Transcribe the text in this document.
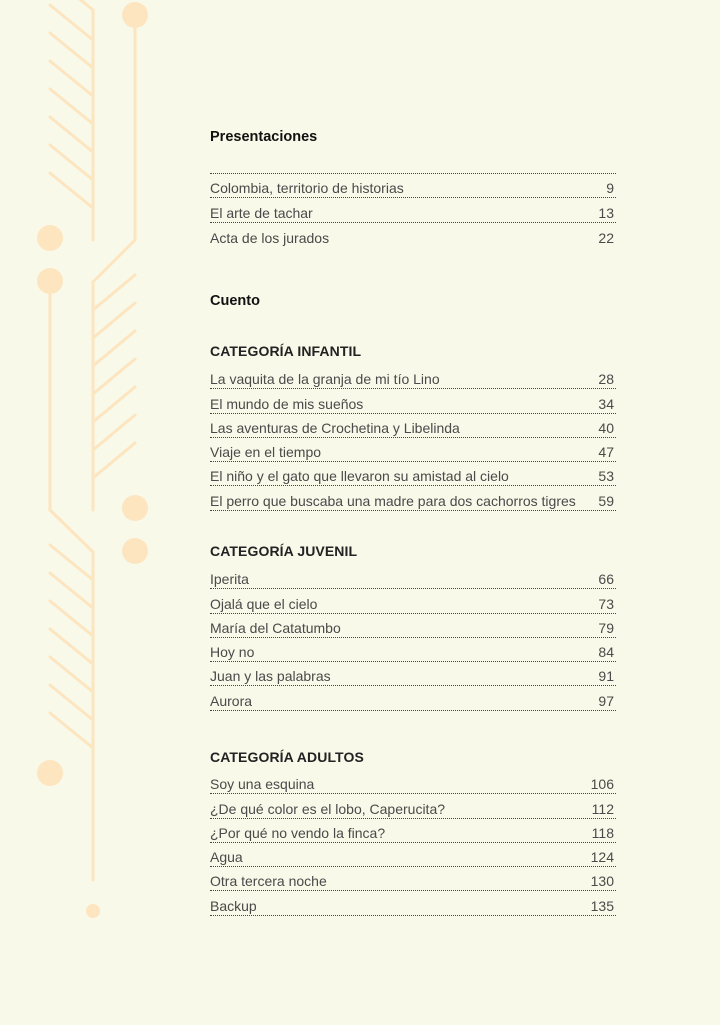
Presentaciones
Colombia, territorio de historias	9
El arte de tachar	13
Acta de los jurados	22
Cuento
CATEGORÍA INFANTIL
La vaquita de la granja de mi tío Lino	28
El mundo de mis sueños	34
Las aventuras de Crochetina y Libelinda	40
Viaje en el tiempo	47
El niño y el gato que llevaron su amistad al cielo	53
El perro que buscaba una madre para dos cachorros tigres	59
CATEGORÍA JUVENIL
Iperita	66
Ojalá que el cielo	73
María del Catatumbo	79
Hoy no	84
Juan y las palabras	91
Aurora	97
CATEGORÍA ADULTOS
Soy una esquina	106
¿De qué color es el lobo, Caperucita?	112
¿Por qué no vendo la finca?	118
Agua	124
Otra tercera noche	130
Backup	135
